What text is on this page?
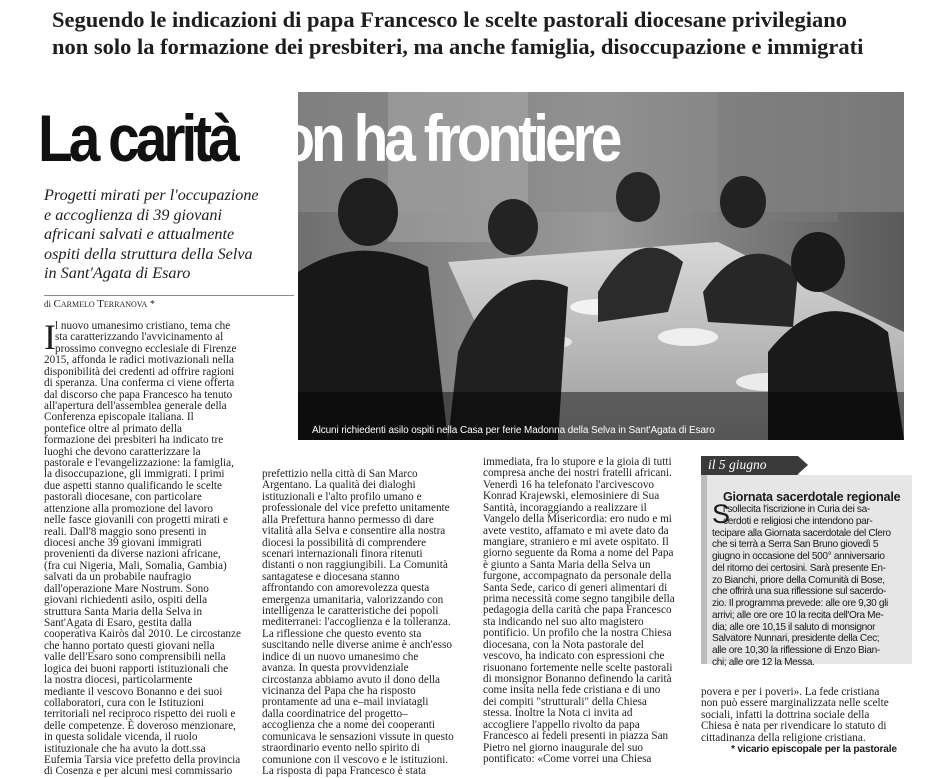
Seguendo le indicazioni di papa Francesco le scelte pastorali diocesane privilegiano
non solo la formazione dei presbiteri, ma anche famiglia, disoccupazione e immigrati
Alcuni richiedenti asilo ospiti nella Casa per ferie Madonna della Selva in Sant'Agata di Esaro
La carità non ha frontiere
Progetti mirati per l'occupazione
e accoglienza di 39 giovani
africani salvati e attualmente
ospiti della struttura della Selva
in Sant'Agata di Esaro
di Carmelo Terranova *
I l nuovo umanesimo cristiano, tema che
sta caratterizzando l'avvicinamento al
prossimo convegno ecclesiale di Firenze
2015, affonda le radici motivazionali nella
disponibilità dei credenti ad offrire ragioni
di speranza. Una conferma ci viene offerta
dal discorso che papa Francesco ha tenuto
all'apertura dell'assemblea generale della
Conferenza episcopale italiana. Il
pontefice oltre al primato della
formazione dei presbiteri ha indicato tre
luoghi che devono caratterizzare la
pastorale e l'evangelizzazione: la famiglia,
la disoccupazione, gli immigrati. I primi
due aspetti stanno qualificando le scelte
pastorali diocesane, con particolare
attenzione alla promozione del lavoro
nelle fasce giovanili con progetti mirati e
reali. Dall'8 maggio sono presenti in
diocesi anche 39 giovani immigrati
provenienti da diverse nazioni africane,
(fra cui Nigeria, Mali, Somalia, Gambia)
salvati da un probabile naufragio
dall'operazione Mare Nostrum. Sono
giovani richiedenti asilo, ospiti della
struttura Santa Maria della Selva in
Sant'Agata di Esaro, gestita dalla
cooperativa Kairòs dal 2010. Le circostanze
che hanno portato questi giovani nella
valle dell'Esaro sono comprensibili nella
logica dei buoni rapporti istituzionali che
la nostra diocesi, particolarmente
mediante il vescovo Bonanno e dei suoi
collaboratori, cura con le Istituzioni
territoriali nel reciproco rispetto dei ruoli e
delle competenze. È doveroso menzionare,
in questa solidale vicenda, il ruolo
istituzionale che ha avuto la dott.ssa
Eufemia Tarsia vice prefetto della provincia
di Cosenza e per alcuni mesi commissario
prefettizio nella città di San Marco
Argentano. La qualità dei dialoghi
istituzionali e l'alto profilo umano e
professionale del vice prefetto unitamente
alla Prefettura hanno permesso di dare
vitalità alla Selva e consentire alla nostra
diocesi la possibilità di comprendere
scenari internazionali finora ritenuti
distanti o non raggiungibili. La Comunità
santagatese e diocesana stanno
affrontando con amorevolezza questa
emergenza umanitaria, valorizzando con
intelligenza le caratteristiche dei popoli
mediterranei: l'accoglienza e la tolleranza.
La riflessione che questo evento sta
suscitando nelle diverse anime è anch'esso
indice di un nuovo umanesimo che
avanza. In questa provvidenziale
circostanza abbiamo avuto il dono della
vicinanza del Papa che ha risposto
prontamente ad una e–mail inviatagli
dalla coordinatrice del progetto–
accoglienza che a nome dei cooperanti
comunicava le sensazioni vissute in questo
straordinario evento nello spirito di
comunione con il vescovo e le istituzioni.
La risposta di papa Francesco è stata
immediata, fra lo stupore e la gioia di tutti
compresa anche dei nostri fratelli africani.
Venerdì 16 ha telefonato l'arcivescovo
Konrad Krajewski, elemosiniere di Sua
Santità, incoraggiando a realizzare il
Vangelo della Misericordia: ero nudo e mi
avete vestito, affamato e mi avete dato da
mangiare, straniero e mi avete ospitato. Il
giorno seguente da Roma a nome del Papa
è giunto a Santa Maria della Selva un
furgone, accompagnato da personale della
Santa Sede, carico di generi alimentari di
prima necessità come segno tangibile della
pedagogia della carità che papa Francesco
sta indicando nel suo alto magistero
pontificio. Un profilo che la nostra Chiesa
diocesana, con la Nota pastorale del
vescovo, ha indicato con espressioni che
risuonano fortemente nelle scelte pastorali
di monsignor Bonanno definendo la carità
come insita nella fede cristiana e di uno
dei compiti "strutturali" della Chiesa
stessa. Inoltre la Nota ci invita ad
accogliere l'appello rivolto da papa
Francesco ai fedeli presenti in piazza San
Pietro nel giorno inaugurale del suo
pontificato: «Come vorrei una Chiesa
povera e per i poveri». La fede cristiana
non può essere marginalizzata nelle scelte
sociali, infatti la dottrina sociale della
Chiesa è nata per rivendicare lo statuto di
cittadinanza della religione cristiana.
il 5 giugno
Giornata sacerdotale regionale
S
i sollecita l'iscrizione in Curia dei sa-
cerdoti e religiosi che intendono par-
tecipare alla Giornata sacerdotale del Clero
che si terrà a Serra San Bruno giovedì 5
giugno in occasione del 500° anniversario
del ritorno dei certosini. Sarà presente En-
zo Bianchi, priore della Comunità di Bose,
che offrirà una sua riflessione sul sacerdo-
zio. Il programma prevede: alle ore 9,30 gli
arrivi; alle ore ore 10 la recita dell'Ora Me-
dia; alle ore 10,15 il saluto di monsignor
Salvatore Nunnari, presidente della Cec;
alle ore 10,30 la riflessione di Enzo Bian-
chi; alle ore 12 la Messa.
* vicario episcopale per la pastorale
